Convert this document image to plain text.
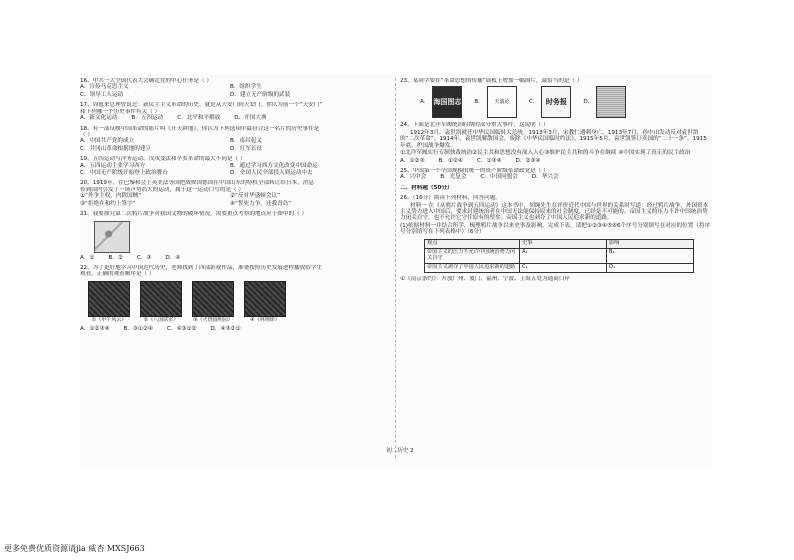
16、中共一大全国代表大会确定党的中心任务是（ ）

A．宣传马克思主义	B．组织学生
C．领导工人运动	D．建立无产阶级的武装

17、周恩来总理曾说过：新民主主义革命的历史，就是从天安门到天安门。你认为前一个“天安门”

和下列哪一个历史事件有关（ ）

A．新文化运动	B．五四运动	C．北平和平解放	D．开国大典

18、有一部反映中国革命的影片叫《开天辟地》，你认为下列选项中最符合这一名片的历史事件是

（ ）

A．中国共产党的成立	B．南昌起义
C．井冈山革命根据地的建立	D．红军长征

19、五四运动与洋务运动、戊戌变法和辛亥革命的最大不同是（ ）

A．五四运动主张学习西方	B．通过学习西方文化改变中国命运
C．中国无产阶级开始登上政治舞台	D．全国人民全部投入到运动中去

20、1919年，在巴黎和会上英美法等国把战败国德国在中国山东的特权全部转让给日本，消息

传到国内引发了一场声势浩大的运动，属于这一运动口号的是（ ）

①“外争主权，内除国贼”	②“反对华盛顿会议”
③“拒绝在和约上签字”	④“誓死力争，还我青岛”

21、我要探究第二次鸦片战争对我国文物的破坏情况，需要重点考察的地点应于图中的（ ）

A．①	B．②	C．③	D．④

22、为了更好地学习中国近代历史，老师找到了四部影视作品，准备按照历史发展进程播放给学生

观看，正确的观看顺序是（ ）

①《甲午风云》	②《八国联军》	③《火烧圆明园》	④《林则徐》
A．①②③④	B．③①②④	C．④③①②	D．④③②①

23、某同学要在“革命思想的传播”展板上增加一幅图片，最恰当的是（ ）

A． 海国图志 B．	天演论	C．	时务报	D．

24、下面是北洋军阀统治时期的部分重大事件，这说明（ ）

1912年3月，袁世凯就任中华民国临时大总统。1913年3月，宋教仁遇刺身亡。1913年7月，孙中山发动反对袁世凯的“二次革命”。1914年，袁世凯解散国会，废除《中华民国临时约法》。1915年5月，袁世凯签订卖国的“二十一条”。1915年底，护国战争爆发。

①北洋军阀实行专制独裁统治②民主共和思想没有深入人心③维护民主共和的斗争在继续 ④中国实现了真正的民主政治

A．①②③	B．①②④	C．①③④	D．②③④

25、中国第一个全国规模的统一的资产阶级革命政党是（ ）

A．兴中会	B．光复会	C．中国同盟会	D．华兴会

二、材料题（50分）

26、（16分）阅读下列材料，回答问题。

材料一 在《从鸦片战争到五四运动》这本书中，胡绳先生在评价近代中国与世界的关系时写道：经过鸦片战争，外国资本主义势力进入中国后，要求封建统治者在中国无法能保持原来的社会制度，已经是不可能的。帝国主义的压力不许中国统治势力闭关自守，也不允许它守住原有的壁垒。帝国主义也剥夺了中国人民追求新的道路。

(1)依据材料一并结合所学，梳理鸦片战争以来史事及影响，完成下表。请把①②③④⑤⑥6个序号分别填写在对应的位置（将序号分别填写在下列表格中）（6分）

观点	史事	影响
帝国主义的压力不允许中国统治势力闭关自守	A₁	B₁
帝国主义剥夺了中国人民追求新的道路	C₁	D₁

①《南京条约》：开放广州、厦门、福州、宁波、上海五处为通商口岸

初二历史 2
更多免费优质资源请jia 威杏 MXSJ663
